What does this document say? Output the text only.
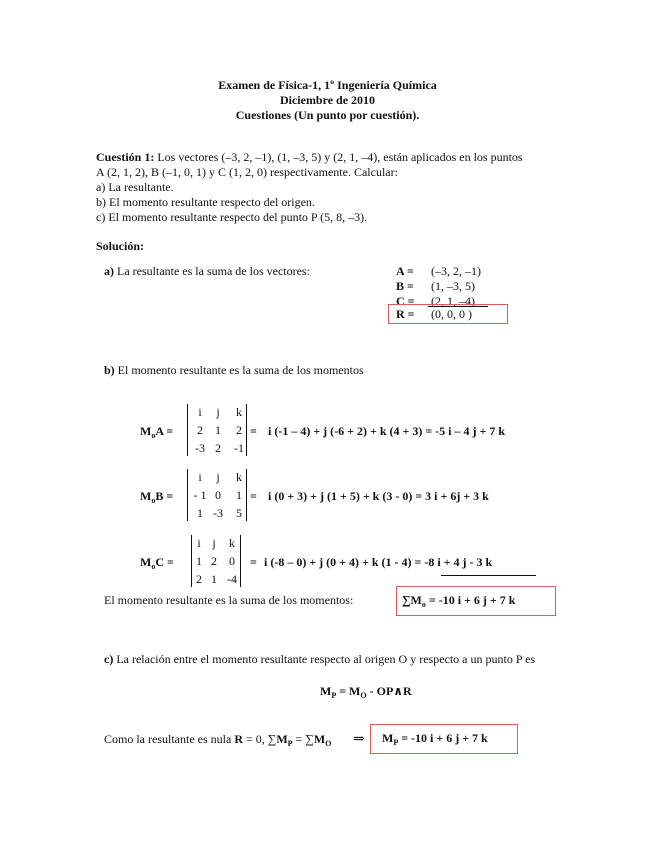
Examen de Física-1, 1º Ingeniería Química
Diciembre de 2010
Cuestiones (Un punto por cuestión).
Cuestión 1: Los vectores (–3, 2, –1), (1, –3, 5) y (2, 1, –4), están aplicados en los puntos
A (2, 1, 2), B (–1, 0, 1) y C (1, 2, 0) respectivamente. Calcular:
a) La resultante.
b) El momento resultante respecto del origen.
c) El momento resultante respecto del punto P (5, 8, –3).
Solución:
a) La resultante es la suma de los vectores:	A = (–3, 2, –1)
B = (1, –3, 5)
C = (2, 1, –4)
R = (0, 0, 0 )
b) El momento resultante es la suma de los momentos
$M_oA$ =
i	j	k
2	1	2
-3 2	-1
= i (-1 – 4) + j (-6 + 2) + k (4 + 3) = -5 i – 4 j + 7 k
$M_oB$ =
i	j	k
- 1 0	1
1 -3	5
= i (0 + 3) + j (1 + 5) + k (3 - 0) = 3 i + 6j + 3 k
$M_oC$ =
i j	k
1 2	0
2 1 -4
= i (-8 – 0) + j (0 + 4) + k (1 - 4) = -8 i + 4 j - 3 k
El momento resultante es la suma de los momentos:	$\sum M_o = -10$ i + 6 j + 7 k
c) La relación entre el momento resultante respecto al origen O y respecto a un punto P es
$M_P = M_O$ - OP∧R
Como la resultante es nula R = 0, $\sum M_P = \sum M_O$ ⇒ $M_P = -10$ i + 6 j + 7 k
